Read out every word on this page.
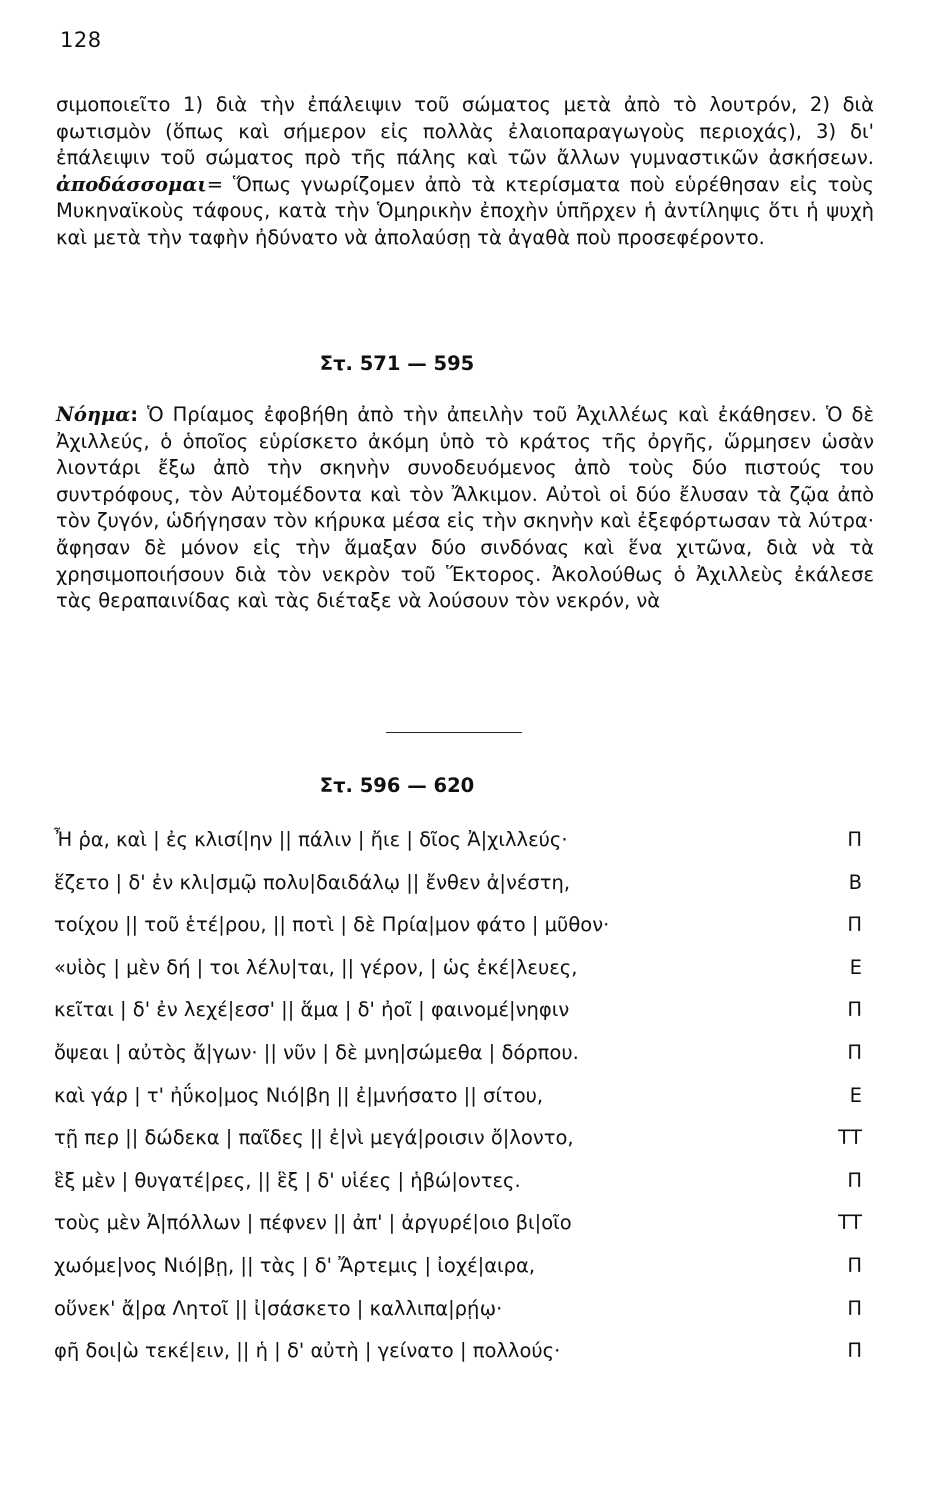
128

σιμοποιεῖτο 1) διὰ τὴν ἐπάλειψιν τοῦ σώματος μετὰ ἀπὸ τὸ λουτρόν, 2) διὰ φωτισμὸν (ὅπως καὶ σήμερον εἰς πολλὰς ἐλαιοπαραγωγοὺς περιοχάς), 3) δι' ἐπάλειψιν τοῦ σώματος πρὸ τῆς πάλης καὶ τῶν ἄλλων γυμναστικῶν ἀσκήσεων. ἀποδάσσομαι= Ὅπως γνωρίζομεν ἀπὸ τὰ κτερίσματα ποὺ εὑρέθησαν εἰς τοὺς Μυκηναϊκοὺς τάφους, κατὰ τὴν Ὁμηρικὴν ἐποχὴν ὑπῆρχεν ἡ ἀντίληψις ὅτι ἡ ψυχὴ καὶ μετὰ τὴν ταφὴν ἠδύνατο νὰ ἀπολαύσῃ τὰ ἀγαθὰ ποὺ προσεφέροντο.

Στ. 571 — 595

Νόημα: Ὁ Πρίαμος ἐφοβήθη ἀπὸ τὴν ἀπειλὴν τοῦ Ἀχιλλέως καὶ ἐκάθησεν. Ὁ δὲ Ἀχιλλεύς, ὁ ὁποῖος εὑρίσκετο ἀκόμη ὑπὸ τὸ κράτος τῆς ὀργῆς, ὥρμησεν ὡσὰν λιοντάρι ἔξω ἀπὸ τὴν σκηνὴν συνοδευόμενος ἀπὸ τοὺς δύο πιστούς του συντρόφους, τὸν Αὐτομέδοντα καὶ τὸν Ἄλκιμον. Αὐτοὶ οἱ δύο ἔλυσαν τὰ ζῷα ἀπὸ τὸν ζυγόν, ὡδήγησαν τὸν κήρυκα μέσα εἰς τὴν σκηνὴν καὶ ἐξεφόρτωσαν τὰ λύτρα· ἄφησαν δὲ μόνον εἰς τὴν ἅμαξαν δύο σινδόνας καὶ ἕνα χιτῶνα, διὰ νὰ τὰ χρησιμοποιήσουν διὰ τὸν νεκρὸν τοῦ Ἕκτορος. Ἀκολούθως ὁ Ἀχιλλεὺς ἐκάλεσε τὰς θεραπαινίδας καὶ τὰς διέταξε νὰ λούσουν τὸν νεκρόν, νὰ

Στ. 596 — 620
Ἦ ῥα, καὶ | ἐς κλισί|ην || πάλιν | ἤιε | δῖος Ἀ|χιλλεύς·	Π
ἕζετο | δ' ἐν κλι|σμῷ πολυ|δαιδάλῳ || ἔνθεν ἀ|νέστη,	Β
τοίχου || τοῦ ἑτέ|ρου, || ποτὶ | δὲ Πρία|μον φάτο | μῦθον·	Π
«υἱὸς | μὲν δή | τοι λέλυ|ται, || γέρον, | ὡς ἐκέ|λευες,	Ε
κεῖται | δ' ἐν λεχέ|εσσ' || ἅμα | δ' ἠοῖ | φαινομέ|νηφιν	Π
ὄψεαι | αὐτὸς ἄ|γων· || νῦν | δὲ μνη|σώμεθα | δόρπου.	Π
καὶ γάρ | τ' ἠΰκο|μος Νιό|βη || ἐ|μνήσατο || σίτου,	Ε
τῇ περ || δώδεκα | παῖδες || ἐ|νὶ μεγά|ροισιν ὄ|λοντο,	ΤΤ
ἓξ μὲν | θυγατέ|ρες, || ἓξ | δ' υἱέες | ἡβώ|οντες.	Π
τοὺς μὲν Ἀ|πόλλων | πέφνεν || ἀπ' | ἀργυρέ|οιο βι|οῖο	ΤΤ
χωόμε|νος Νιό|βῃ, || τὰς | δ' Ἄρτεμις | ἰοχέ|αιρα,	Π
οὕνεκ' ἄ|ρα Λητοῖ || ἰ|σάσκετο | καλλιπα|ρῄῳ·	Π
φῆ δοι|ὼ τεκέ|ειν, || ἡ | δ' αὐτὴ | γείνατο | πολλούς·	Π
